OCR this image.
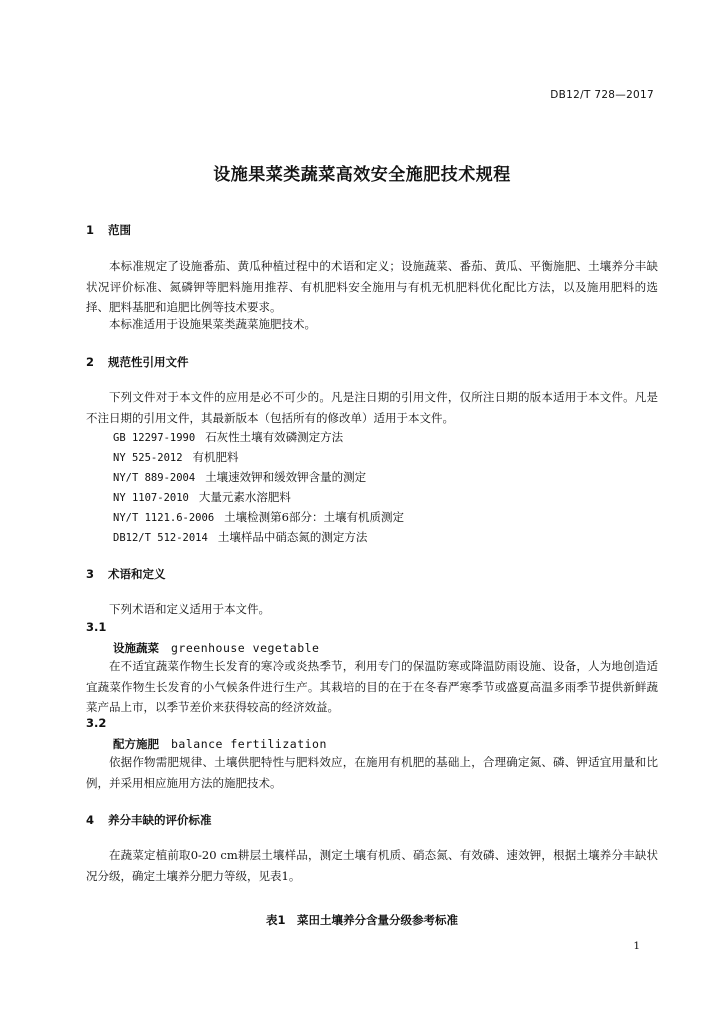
DB12/T 728—2017
设施果菜类蔬菜高效安全施肥技术规程
1 范围
本标准规定了设施番茄、黄瓜种植过程中的术语和定义；设施蔬菜、番茄、黄瓜、平衡施肥、土壤养分丰缺状况评价标准、氮磷钾等肥料施用推荐、有机肥料安全施用与有机无机肥料优化配比方法，以及施用肥料的选择、肥料基肥和追肥比例等技术要求。
本标准适用于设施果菜类蔬菜施肥技术。
2 规范性引用文件
下列文件对于本文件的应用是必不可少的。凡是注日期的引用文件，仅所注日期的版本适用于本文件。凡是不注日期的引用文件，其最新版本（包括所有的修改单）适用于本文件。
GB 12297-1990 石灰性土壤有效磷测定方法
NY 525-2012 有机肥料
NY/T 889-2004 土壤速效钾和缓效钾含量的测定
NY 1107-2010 大量元素水溶肥料
NY/T 1121.6-2006 土壤检测第6部分：土壤有机质测定
DB12/T 512-2014 土壤样品中硝态氮的测定方法
3 术语和定义
下列术语和定义适用于本文件。
3.1
设施蔬菜 greenhouse vegetable
在不适宜蔬菜作物生长发育的寒冷或炎热季节，利用专门的保温防寒或降温防雨设施、设备，人为地创造适宜蔬菜作物生长发育的小气候条件进行生产。其栽培的目的在于在冬春严寒季节或盛夏高温多雨季节提供新鲜蔬菜产品上市，以季节差价来获得较高的经济效益。
3.2
配方施肥 balance fertilization
依据作物需肥规律、土壤供肥特性与肥料效应，在施用有机肥的基础上，合理确定氮、磷、钾适宜用量和比例，并采用相应施用方法的施肥技术。
4 养分丰缺的评价标准
在蔬菜定植前取0-20 cm耕层土壤样品，测定土壤有机质、硝态氮、有效磷、速效钾，根据土壤养分丰缺状况分级，确定土壤养分肥力等级，见表1。
表1　菜田土壤养分含量分级参考标准
1
